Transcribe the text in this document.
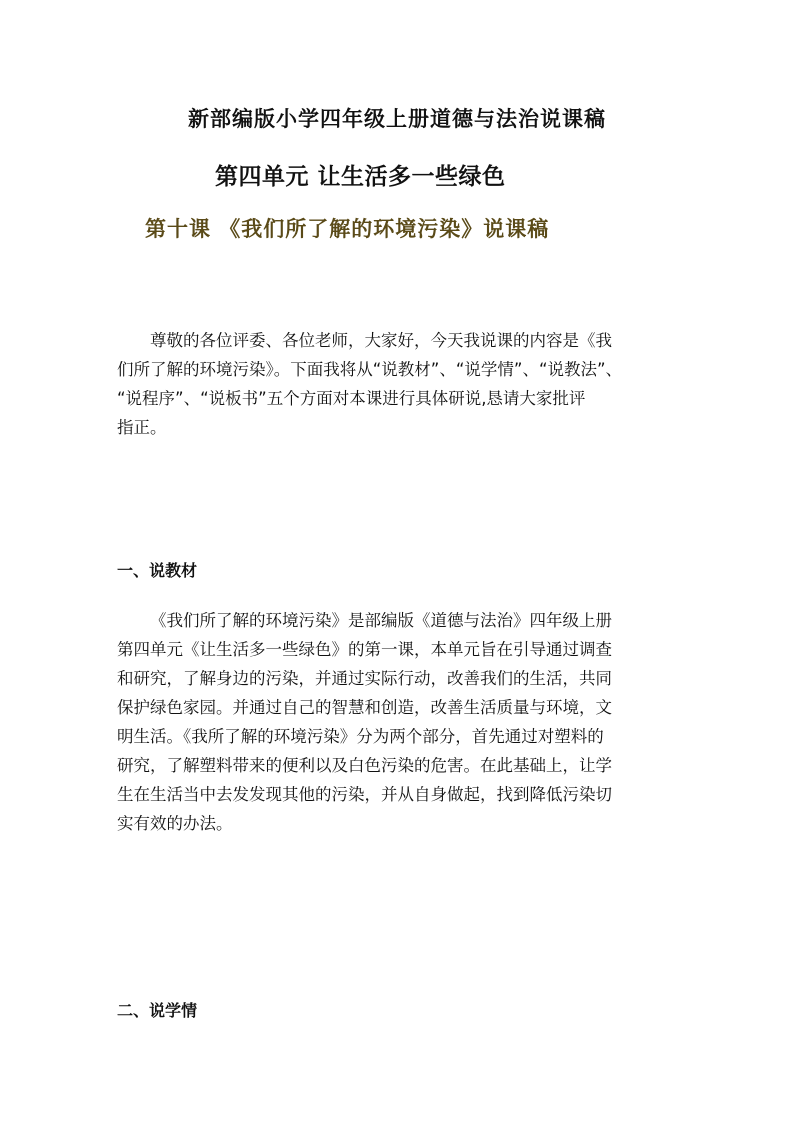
新部编版小学四年级上册道德与法治说课稿
第四单元 让生活多一些绿色
第十课 《我们所了解的环境污染》说课稿
尊敬的各位评委、各位老师，大家好，今天我说课的内容是《我
们所了解的环境污染》。下面我将从“说教材”、“说学情”、“说教法”、
“说程序”、“说板书”五个方面对本课进行具体研说,恳请大家批评
指正。
一、说教材
《我们所了解的环境污染》是部编版《道德与法治》四年级上册
第四单元《让生活多一些绿色》的第一课，本单元旨在引导通过调查
和研究，了解身边的污染，并通过实际行动，改善我们的生活，共同
保护绿色家园。并通过自己的智慧和创造，改善生活质量与环境，文
明生活。《我所了解的环境污染》分为两个部分，首先通过对塑料的
研究，了解塑料带来的便利以及白色污染的危害。在此基础上，让学
生在生活当中去发发现其他的污染，并从自身做起，找到降低污染切
实有效的办法。
二、说学情
